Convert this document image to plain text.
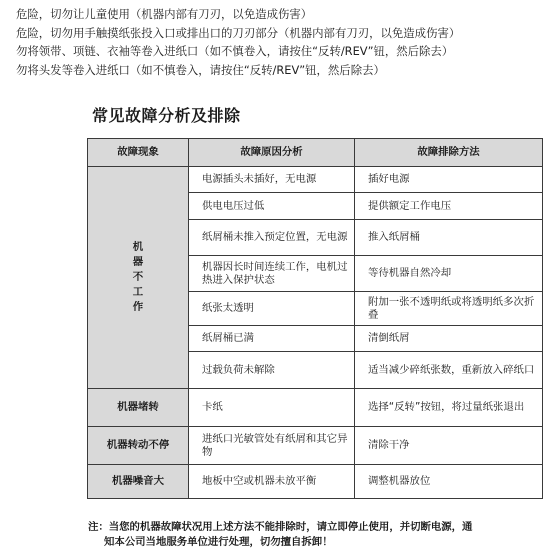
危险，切勿让儿童使用（机器内部有刀刃，以免造成伤害）
危险，切勿用手触摸纸张投入口或排出口的刀刃部分（机器内部有刀刃，以免造成伤害）
勿将领带、项链、衣袖等卷入进纸口（如不慎卷入，请按住“反转/REV”钮，然后除去）
勿将头发等卷入进纸口（如不慎卷入，请按住“反转/REV”钮，然后除去）
常见故障分析及排除
故障现象	故障原因分析	故障排除方法
机器不工作	电源插头未插好，无电源	插好电源
	供电电压过低	提供额定工作电压
	纸屑桶未推入预定位置，无电源	推入纸屑桶
	机器因长时间连续工作，电机过热进入保护状态	等待机器自然冷却
	纸张太透明	附加一张不透明纸或将透明纸多次折叠
	纸屑桶已满	清倒纸屑
	过载负荷未解除	适当减少碎纸张数，重新放入碎纸口
机器堵转	卡纸	选择“反转”按钮，将过量纸张退出
机器转动不停	进纸口光敏管处有纸屑和其它异物	清除干净
机器噪音大	地板中空或机器未放平衡	调整机器放位
注：当您的机器故障状况用上述方法不能排除时，请立即停止使用，并切断电源，通
知本公司当地服务单位进行处理，切勿擅自拆卸！
